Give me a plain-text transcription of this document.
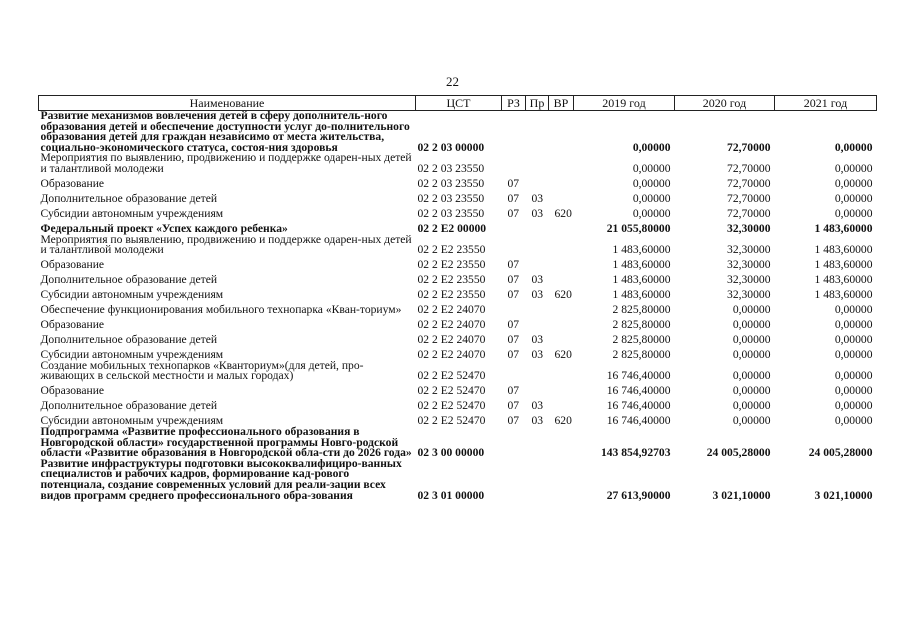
22
Наименование	ЦСТ	РЗ	Пр	ВР	2019 год	2020 год	2021 год
Развитие механизмов вовлечения детей в сферу дополнитель-ного образования детей и обеспечение доступности услуг до-полнительного образования детей для граждан независимо от места жительства, социально-экономического статуса, состоя-ния здоровья	02 2 03 00000				0,00000	72,70000	0,00000
Мероприятия по выявлению, продвижению и поддержке одарен-ных детей и талантливой молодежи	02 2 03 23550				0,00000	72,70000	0,00000
Образование	02 2 03 23550	07			0,00000	72,70000	0,00000
Дополнительное образование детей	02 2 03 23550	07	03		0,00000	72,70000	0,00000
Субсидии автономным учреждениям	02 2 03 23550	07	03	620	0,00000	72,70000	0,00000
Федеральный проект «Успех каждого ребенка»	02 2 E2 00000				21 055,80000	32,30000	1 483,60000
Мероприятия по выявлению, продвижению и поддержке одарен-ных детей и талантливой молодежи	02 2 E2 23550				1 483,60000	32,30000	1 483,60000
Образование	02 2 E2 23550	07			1 483,60000	32,30000	1 483,60000
Дополнительное образование детей	02 2 E2 23550	07	03		1 483,60000	32,30000	1 483,60000
Субсидии автономным учреждениям	02 2 E2 23550	07	03	620	1 483,60000	32,30000	1 483,60000
Обеспечение функционирования мобильного технопарка «Кван-ториум»	02 2 E2 24070				2 825,80000	0,00000	0,00000
Образование	02 2 E2 24070	07			2 825,80000	0,00000	0,00000
Дополнительное образование детей	02 2 E2 24070	07	03		2 825,80000	0,00000	0,00000
Субсидии автономным учреждениям	02 2 E2 24070	07	03	620	2 825,80000	0,00000	0,00000
Создание мобильных технопарков «Кванториум»(для детей, про-живающих в сельской местности и малых городах)	02 2 E2 52470				16 746,40000	0,00000	0,00000
Образование	02 2 E2 52470	07			16 746,40000	0,00000	0,00000
Дополнительное образование детей	02 2 E2 52470	07	03		16 746,40000	0,00000	0,00000
Субсидии автономным учреждениям	02 2 E2 52470	07	03	620	16 746,40000	0,00000	0,00000
Подпрограмма «Развитие профессионального образования в Новгородской области» государственной программы Новго-родской области «Развитие образования в Новгородской обла-сти до 2026 года»	02 3 00 00000				143 854,92703	24 005,28000	24 005,28000
Развитие инфраструктуры подготовки высококвалифициро-ванных специалистов и рабочих кадров, формирование кад-рового потенциала, создание современных условий для реали-зации всех видов программ среднего профессионального обра-зования	02 3 01 00000				27 613,90000	3 021,10000	3 021,10000
